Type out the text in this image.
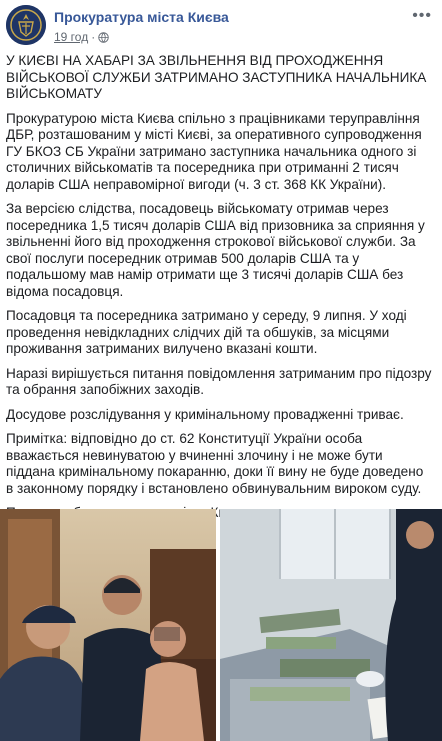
Прокуратура міста Києва
19 год ·
•••

У КИЄВІ НА ХАБАРІ ЗА ЗВІЛЬНЕННЯ ВІД ПРОХОДЖЕННЯ ВІЙСЬКОВОЇ СЛУЖБИ ЗАТРИМАНО ЗАСТУПНИКА НАЧАЛЬНИКА ВІЙСЬКОМАТУ

Прокуратурою міста Києва спільно з працівниками теруправління ДБР, розташованим у місті Києві, за оперативного супроводження ГУ БКОЗ СБ України затримано заступника начальника одного зі столичних військоматів та посередника при отриманні 2 тисяч доларів США неправомірної вигоди (ч. 3 ст. 368 КК України).

За версією слідства, посадовець військомату отримав через посередника 1,5 тисяч доларів США від призовника за сприяння у звільненні його від проходження строкової військової служби. За свої послуги посередник отримав 500 доларів США та у подальшому мав намір отримати ще 3 тисячі доларів США без відома посадовця.

Посадовця та посередника затримано у середу, 9 липня. У ході проведення невідкладних слідчих дій та обшуків, за місцями проживання затриманих вилучено вказані кошти.

Наразі вирішується питання повідомлення затриманим про підозру та обрання запобіжних заходів.

Досудове розслідування у кримінальному провадженні триває.

Примітка: відповідно до ст. 62 Конституції України особа вважається невинуватою у вчиненні злочину і не може бути піддана кримінальному покаранню, доки її вину не буде доведено в законному порядку і встановлено обвинувальним вироком суду.
